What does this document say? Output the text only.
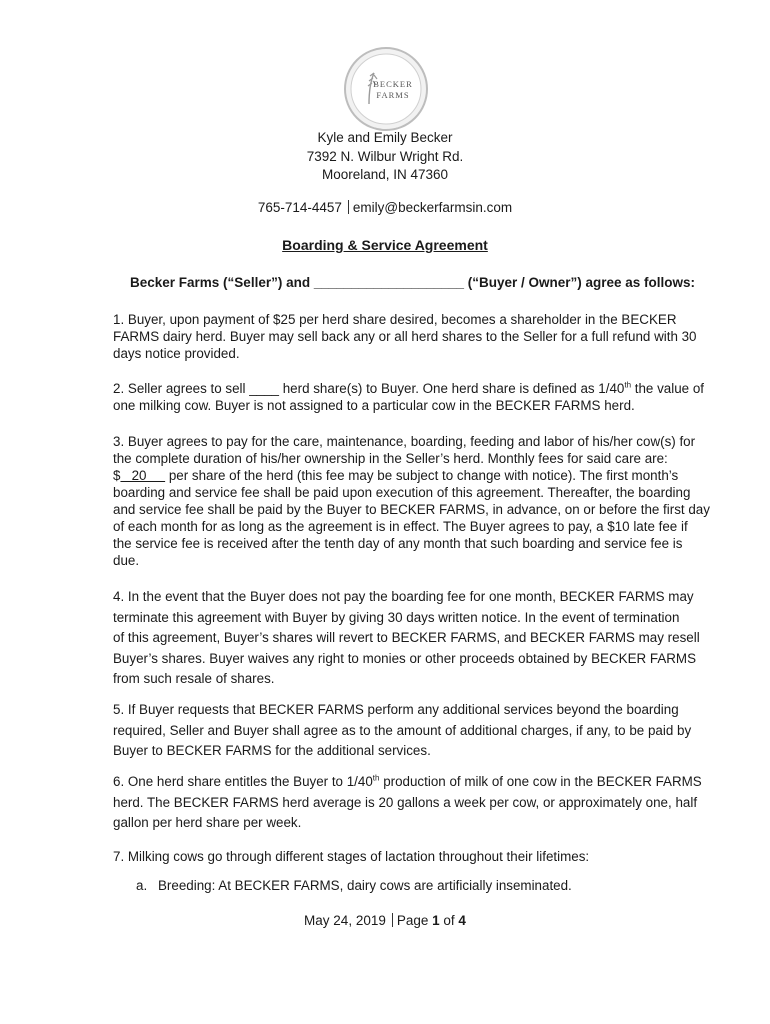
BECKER
FARMS
Kyle and Emily Becker
7392 N. Wilbur Wright Rd.
Mooreland, IN 47360
765-714-4457 emily@beckerfarmsin.com
Boarding & Service Agreement
Becker Farms (“Seller”) and ____________________ (“Buyer / Owner”) agree as follows:
1. Buyer, upon payment of $25 per herd share desired, becomes a shareholder in the BECKER
FARMS dairy herd. Buyer may sell back any or all herd shares to the Seller for a full refund with 30
days notice provided.
2. Seller agrees to sell ____ herd share(s) to Buyer. One herd share is defined as 1/40th the value of
one milking cow. Buyer is not assigned to a particular cow in the BECKER FARMS herd.
3. Buyer agrees to pay for the care, maintenance, boarding, feeding and labor of his/her cow(s) for
the complete duration of his/her ownership in the Seller’s herd. Monthly fees for said care are:
$   20      per share of the herd (this fee may be subject to change with notice). The first month’s
boarding and service fee shall be paid upon execution of this agreement. Thereafter, the boarding
and service fee shall be paid by the Buyer to BECKER FARMS, in advance, on or before the first day
of each month for as long as the agreement is in effect. The Buyer agrees to pay, a $10 late fee if
the service fee is received after the tenth day of any month that such boarding and service fee is
due.
4. In the event that the Buyer does not pay the boarding fee for one month, BECKER FARMS may
terminate this agreement with Buyer by giving 30 days written notice. In the event of termination
of this agreement, Buyer’s shares will revert to BECKER FARMS, and BECKER FARMS may resell
Buyer’s shares. Buyer waives any right to monies or other proceeds obtained by BECKER FARMS
from such resale of shares.
5. If Buyer requests that BECKER FARMS perform any additional services beyond the boarding
required, Seller and Buyer shall agree as to the amount of additional charges, if any, to be paid by
Buyer to BECKER FARMS for the additional services.
6. One herd share entitles the Buyer to 1/40th production of milk of one cow in the BECKER FARMS
herd. The BECKER FARMS herd average is 20 gallons a week per cow, or approximately one, half
gallon per herd share per week.
7. Milking cows go through different stages of lactation throughout their lifetimes:
a. Breeding: At BECKER FARMS, dairy cows are artificially inseminated.
May 24, 2019 Page 1 of 4
